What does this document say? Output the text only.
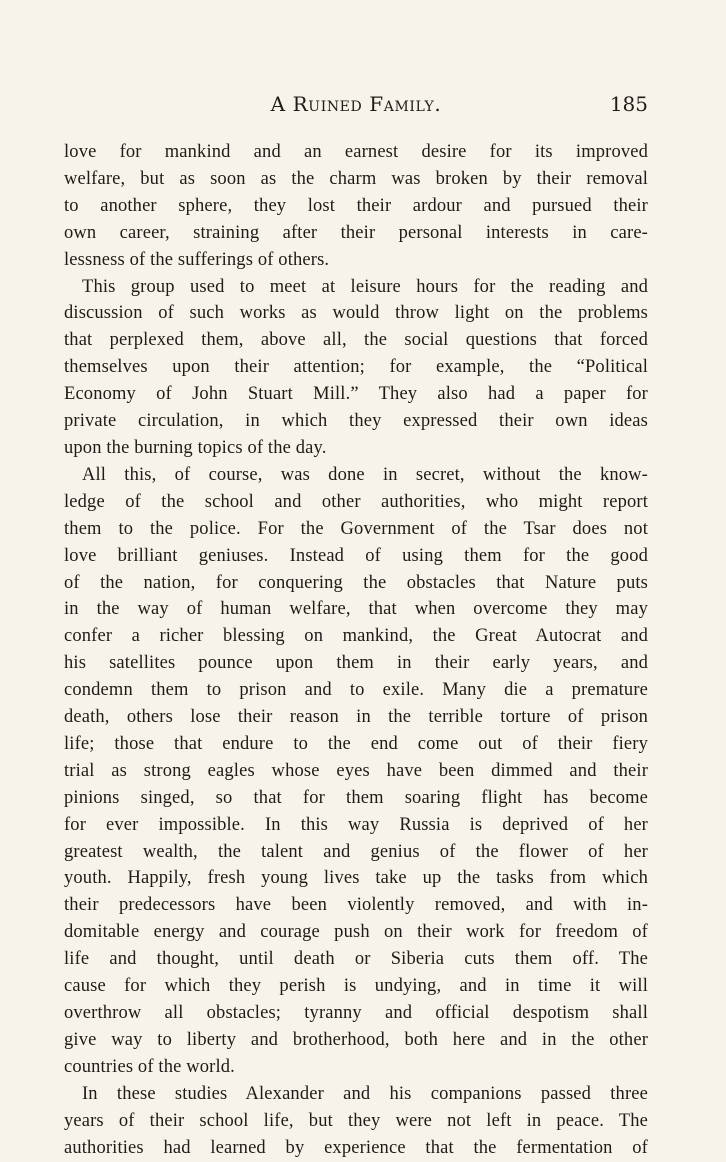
A Ruined Family.	185
love for mankind and an earnest desire for its improved
welfare, but as soon as the charm was broken by their removal
to another sphere, they lost their ardour and pursued their
own career, straining after their personal interests in care-
lessness of the sufferings of others.
This group used to meet at leisure hours for the reading and
discussion of such works as would throw light on the problems
that perplexed them, above all, the social questions that forced
themselves upon their attention; for example, the “Political
Economy of John Stuart Mill.” They also had a paper for
private circulation, in which they expressed their own ideas
upon the burning topics of the day.
All this, of course, was done in secret, without the know-
ledge of the school and other authorities, who might report
them to the police. For the Government of the Tsar does not
love brilliant geniuses. Instead of using them for the good
of the nation, for conquering the obstacles that Nature puts
in the way of human welfare, that when overcome they may
confer a richer blessing on mankind, the Great Autocrat and
his satellites pounce upon them in their early years, and
condemn them to prison and to exile. Many die a premature
death, others lose their reason in the terrible torture of prison
life; those that endure to the end come out of their fiery
trial as strong eagles whose eyes have been dimmed and their
pinions singed, so that for them soaring flight has become
for ever impossible. In this way Russia is deprived of her
greatest wealth, the talent and genius of the flower of her
youth. Happily, fresh young lives take up the tasks from which
their predecessors have been violently removed, and with in-
domitable energy and courage push on their work for freedom of
life and thought, until death or Siberia cuts them off. The
cause for which they perish is undying, and in time it will
overthrow all obstacles; tyranny and official despotism shall
give way to liberty and brotherhood, both here and in the other
countries of the world.
In these studies Alexander and his companions passed three
years of their school life, but they were not left in peace. The
authorities had learned by experience that the fermentation of
